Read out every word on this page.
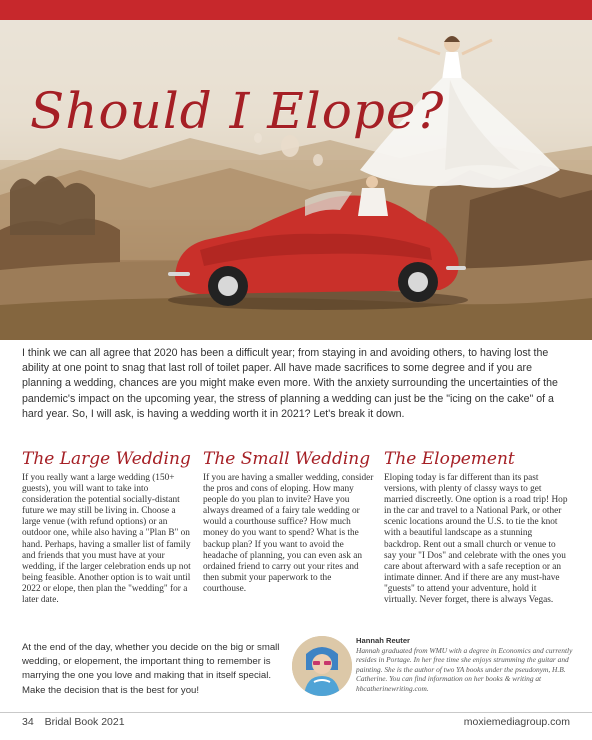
Should I Elope?

I think we can all agree that 2020 has been a difficult year; from staying in and avoiding others, to having lost the ability at one point to snag that last roll of toilet paper. All have made sacrifices to some degree and if you are planning a wedding, chances are you might make even more. With the anxiety surrounding the uncertainties of the pandemic's impact on the upcoming year, the stress of planning a wedding can just be the "icing on the cake" of a hard year. So, I will ask, is having a wedding worth it in 2021? Let's break it down.

The Large Wedding

If you really want a large wedding (150+ guests), you will want to take into consideration the potential socially-distant future we may still be living in. Choose a large venue (with refund options) or an outdoor one, while also having a "Plan B" on hand. Perhaps, having a smaller list of family and friends that you must have at your wedding, if the larger celebration ends up not being feasible. Another option is to wait until 2022 or elope, then plan the "wedding" for a later date.

The Small Wedding

If you are having a smaller wedding, consider the pros and cons of eloping. How many people do you plan to invite? Have you always dreamed of a fairy tale wedding or would a courthouse suffice? How much money do you want to spend? What is the backup plan? If you want to avoid the headache of planning, you can even ask an ordained friend to carry out your rites and then submit your paperwork to the courthouse.

The Elopement

Eloping today is far different than its past versions, with plenty of classy ways to get married discreetly. One option is a road trip! Hop in the car and travel to a National Park, or other scenic locations around the U.S. to tie the knot with a beautiful landscape as a stunning backdrop. Rent out a small church or venue to say your "I Dos" and celebrate with the ones you care about afterward with a safe reception or an intimate dinner. And if there are any must-have "guests" to attend your adventure, hold it virtually. Never forget, there is always Vegas.

At the end of the day, whether you decide on the big or small wedding, or elopement, the important thing to remember is marrying the one you love and making that in itself special. Make the decision that is the best for you!

Hannah Reuter
Hannah graduated from WMU with a degree in Economics and currently resides in Portage. In her free time she enjoys strumming the guitar and painting. She is the author of two YA books under the pseudonym, H.B. Catherine. You can find information on her books & writing at hbcatherinewriting.com.
34 Bridal Book 2021	moxiemediagroup.com
